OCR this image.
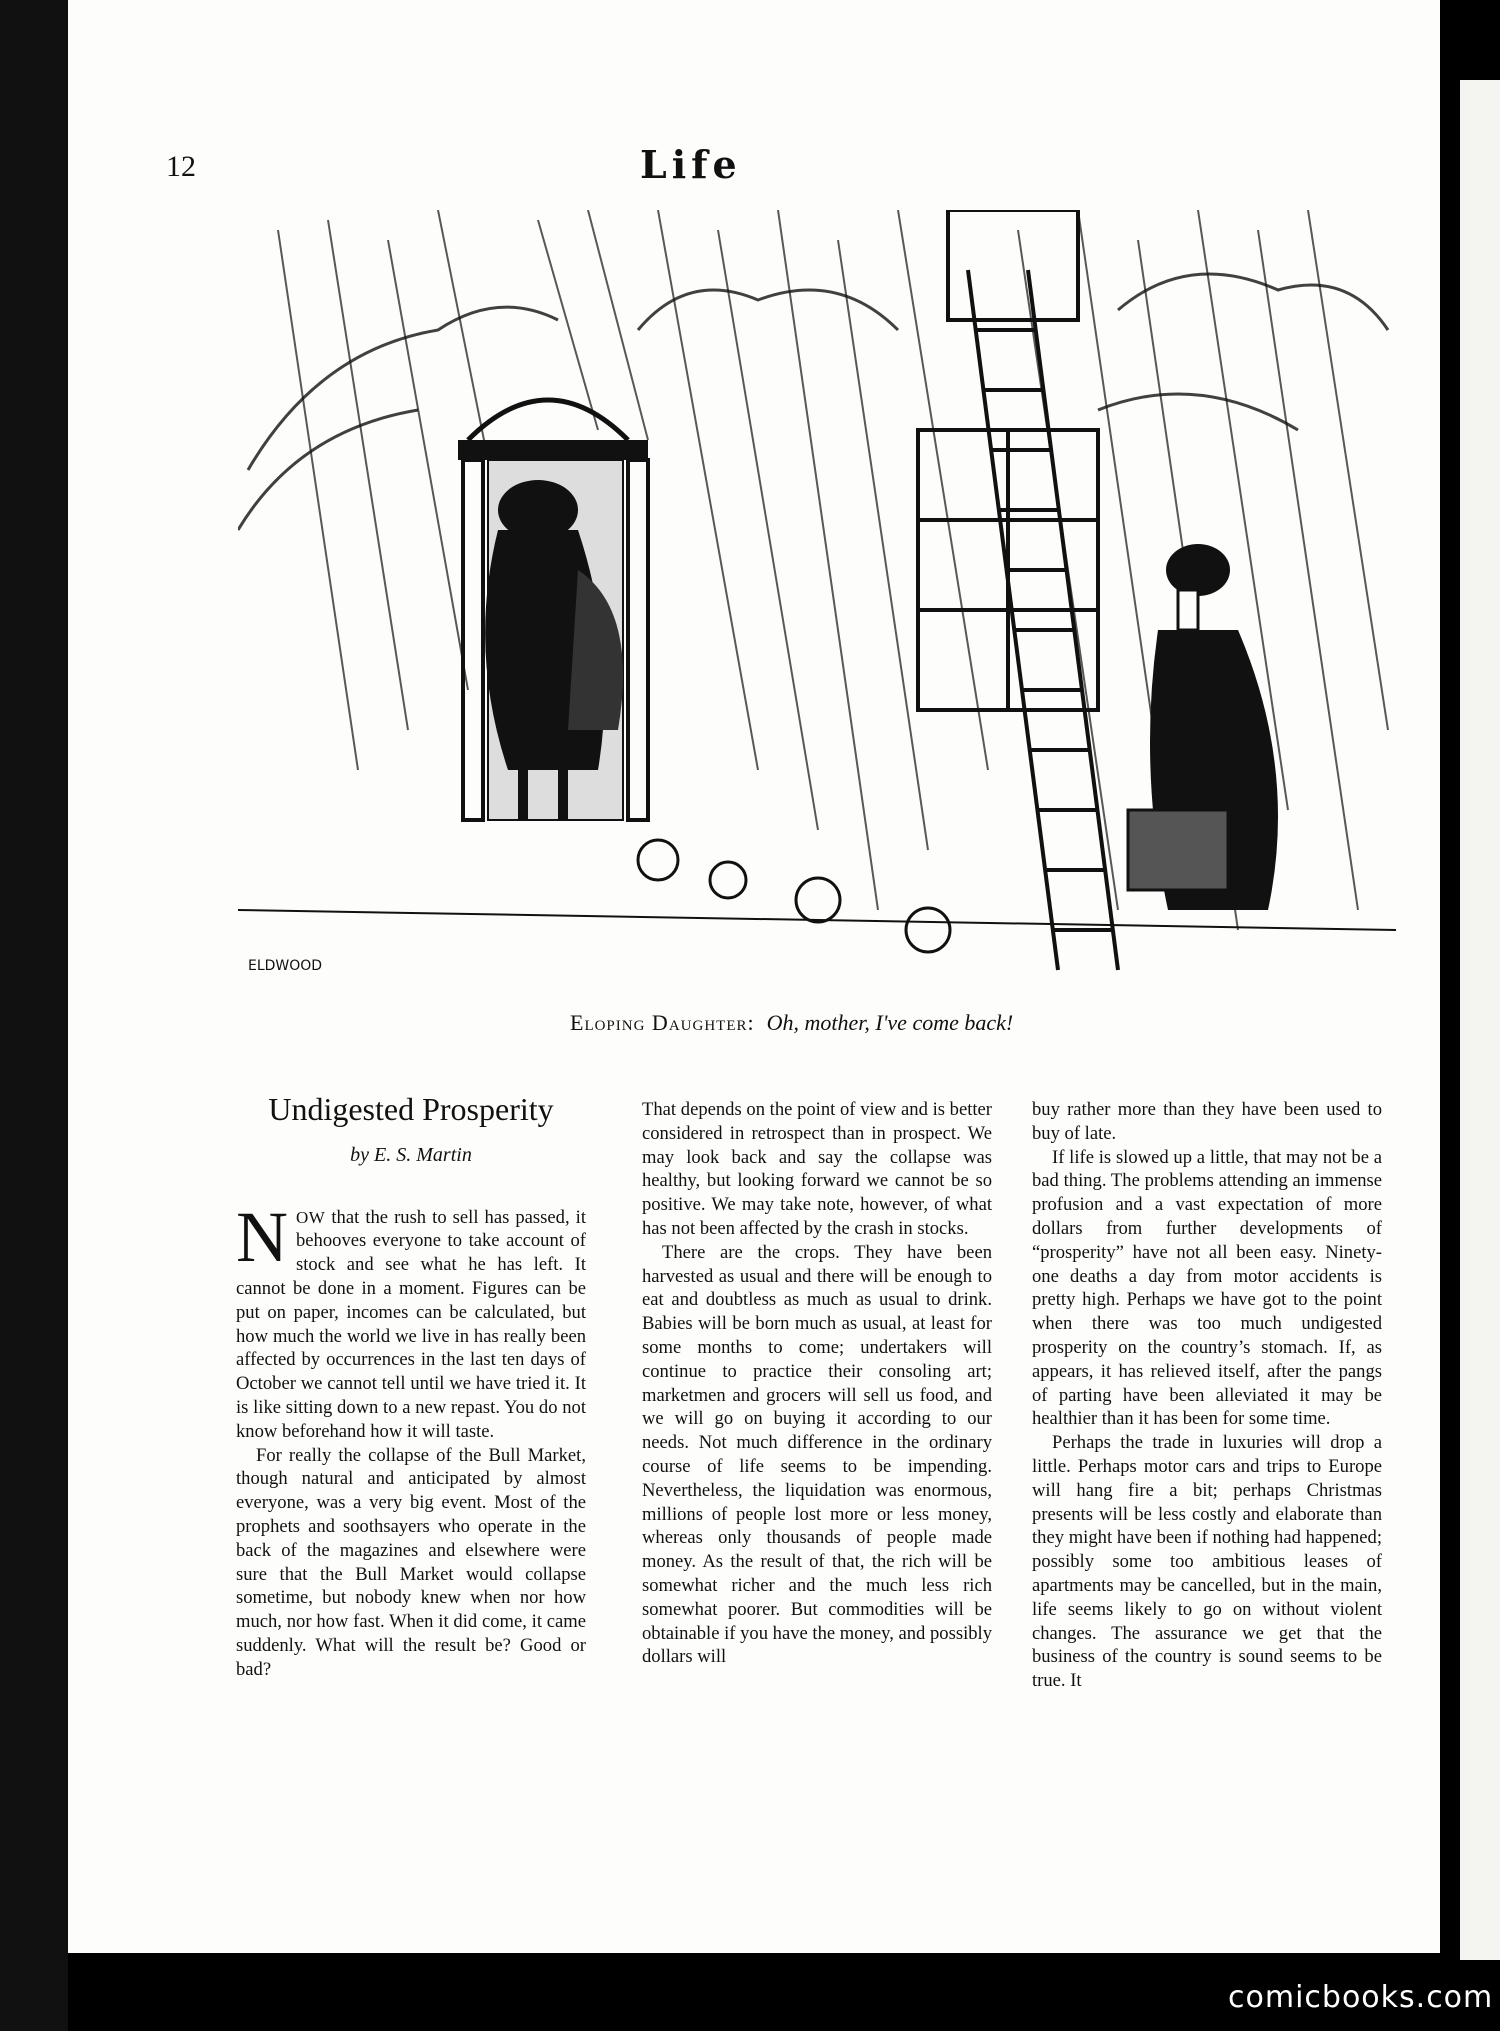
12	Life
ELDWOOD
Eloping Daughter: Oh, mother, I've come back!
Undigested Prosperity
by E. S. Martin

NOW that the rush to sell has passed, it behooves everyone to take account of stock and see what he has left. It cannot be done in a moment. Figures can be put on paper, incomes can be calculated, but how much the world we live in has really been affected by occurrences in the last ten days of October we cannot tell until we have tried it. It is like sitting down to a new repast. You do not know beforehand how it will taste.

For really the collapse of the Bull Market, though natural and anticipated by almost everyone, was a very big event. Most of the prophets and soothsayers who operate in the back of the magazines and elsewhere were sure that the Bull Market would collapse sometime, but nobody knew when nor how much, nor how fast. When it did come, it came suddenly. What will the result be? Good or bad?

That depends on the point of view and is better considered in retrospect than in prospect. We may look back and say the collapse was healthy, but looking forward we cannot be so positive. We may take note, however, of what has not been affected by the crash in stocks.

There are the crops. They have been harvested as usual and there will be enough to eat and doubtless as much as usual to drink. Babies will be born much as usual, at least for some months to come; undertakers will continue to practice their consoling art; marketmen and grocers will sell us food, and we will go on buying it according to our needs. Not much difference in the ordinary course of life seems to be impending. Nevertheless, the liquidation was enormous, millions of people lost more or less money, whereas only thousands of people made money. As the result of that, the rich will be somewhat richer and the much less rich somewhat poorer. But commodities will be obtainable if you have the money, and possibly dollars will

buy rather more than they have been used to buy of late.

If life is slowed up a little, that may not be a bad thing. The problems attending an immense profusion and a vast expectation of more dollars from further developments of “prosperity” have not all been easy. Ninety-one deaths a day from motor accidents is pretty high. Perhaps we have got to the point when there was too much undigested prosperity on the country’s stomach. If, as appears, it has relieved itself, after the pangs of parting have been alleviated it may be healthier than it has been for some time.

Perhaps the trade in luxuries will drop a little. Perhaps motor cars and trips to Europe will hang fire a bit; perhaps Christmas presents will be less costly and elaborate than they might have been if nothing had happened; possibly some too ambitious leases of apartments may be cancelled, but in the main, life seems likely to go on without violent changes. The assurance we get that the business of the country is sound seems to be true. It

comicbooks.com
